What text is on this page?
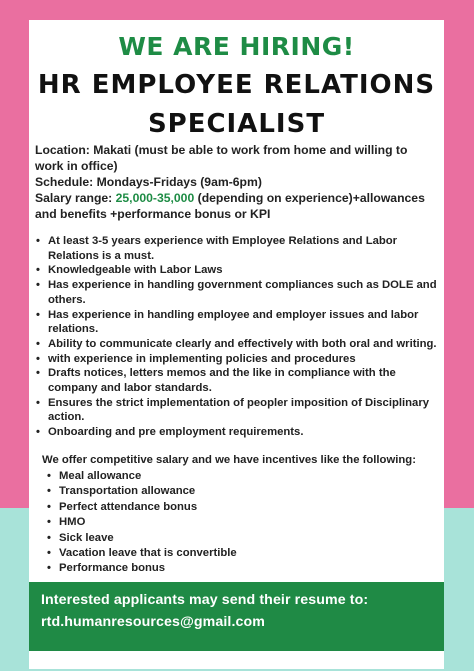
WE ARE HIRING!
HR EMPLOYEE RELATIONS
SPECIALIST
Location: Makati (must be able to work from home and willing to work in office)
Schedule: Mondays-Fridays (9am-6pm)
Salary range: 25,000-35,000 (depending on experience)+allowances and benefits +performance bonus or KPI
• At least 3-5 years experience with Employee Relations and Labor Relations is a must.
• Knowledgeable with Labor Laws
• Has experience in handling government compliances such as DOLE and others.
• Has experience in handling employee and employer issues and labor relations.
• Ability to communicate clearly and effectively with both oral and writing.
• with experience in implementing policies and procedures
• Drafts notices, letters memos and the like in compliance with the company and labor standards.
• Ensures the strict implementation of peopler imposition of Disciplinary action.
• Onboarding and pre employment requirements.
We offer competitive salary and we have incentives like the following:
• Meal allowance
• Transportation allowance
• Perfect attendance bonus
• HMO
• Sick leave
• Vacation leave that is convertible
• Performance bonus
Interested applicants may send their resume to:
rtd.humanresources@gmail.com
